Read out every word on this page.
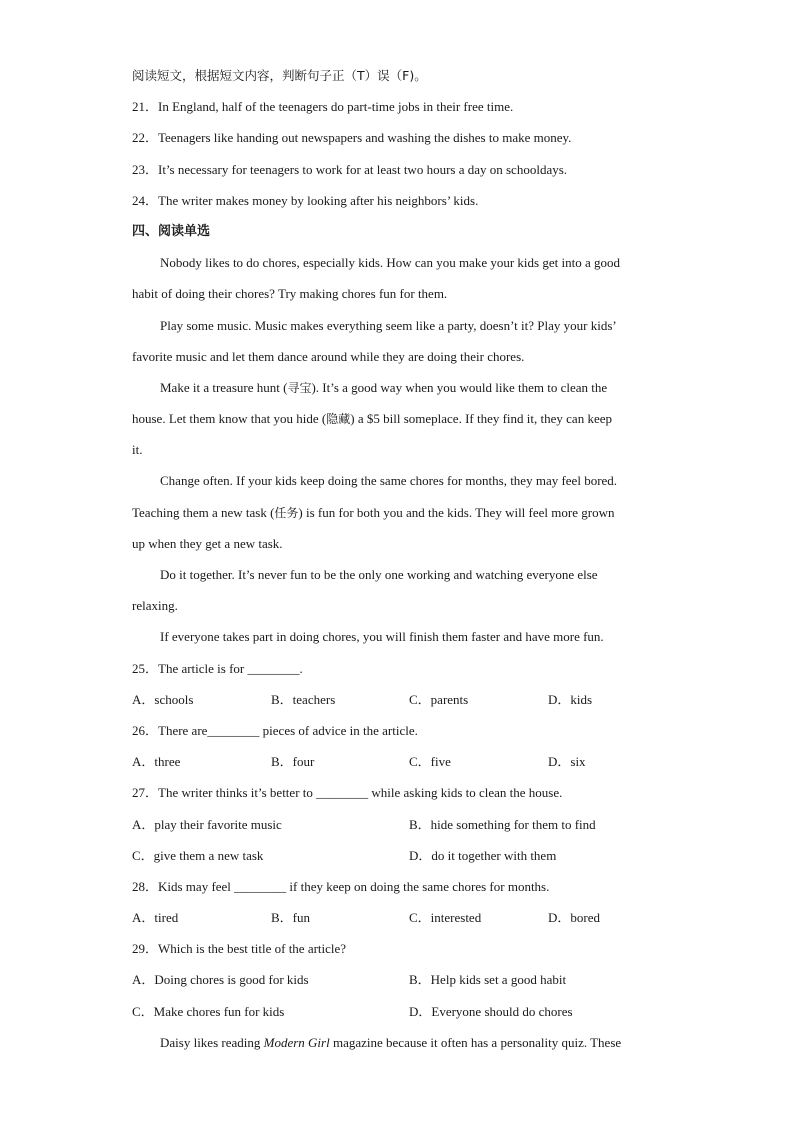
阅读短文，根据短文内容，判断句子正（T）误（F)。
21．In England, half of the teenagers do part-time jobs in their free time.
22．Teenagers like handing out newspapers and washing the dishes to make money.
23．It’s necessary for teenagers to work for at least two hours a day on schooldays.
24．The writer makes money by looking after his neighbors’ kids.
四、阅读单选
Nobody likes to do chores, especially kids. How can you make your kids get into a good
habit of doing their chores? Try making chores fun for them.
Play some music. Music makes everything seem like a party, doesn’t it? Play your kids’
favorite music and let them dance around while they are doing their chores.
Make it a treasure hunt (寻宝). It’s a good way when you would like them to clean the
house. Let them know that you hide (隐藏) a $5 bill someplace. If they find it, they can keep
it.
Change often. If your kids keep doing the same chores for months, they may feel bored.
Teaching them a new task (任务) is fun for both you and the kids. They will feel more grown
up when they get a new task.
Do it together. It’s never fun to be the only one working and watching everyone else
relaxing.
If everyone takes part in doing chores, you will finish them faster and have more fun.
25．The article is for ________.
A．schools	B．teachers	C．parents	D．kids
26．There are________ pieces of advice in the article.
A．three	B．four	C．five	D．six
27．The writer thinks it’s better to ________ while asking kids to clean the house.
A．play their favorite music	B．hide something for them to find
C．give them a new task	D．do it together with them
28．Kids may feel ________ if they keep on doing the same chores for months.
A．tired	B．fun	C．interested	D．bored
29．Which is the best title of the article?
A．Doing chores is good for kids	B．Help kids set a good habit
C．Make chores fun for kids	D．Everyone should do chores
Daisy likes reading Modern Girl magazine because it often has a personality quiz. These
